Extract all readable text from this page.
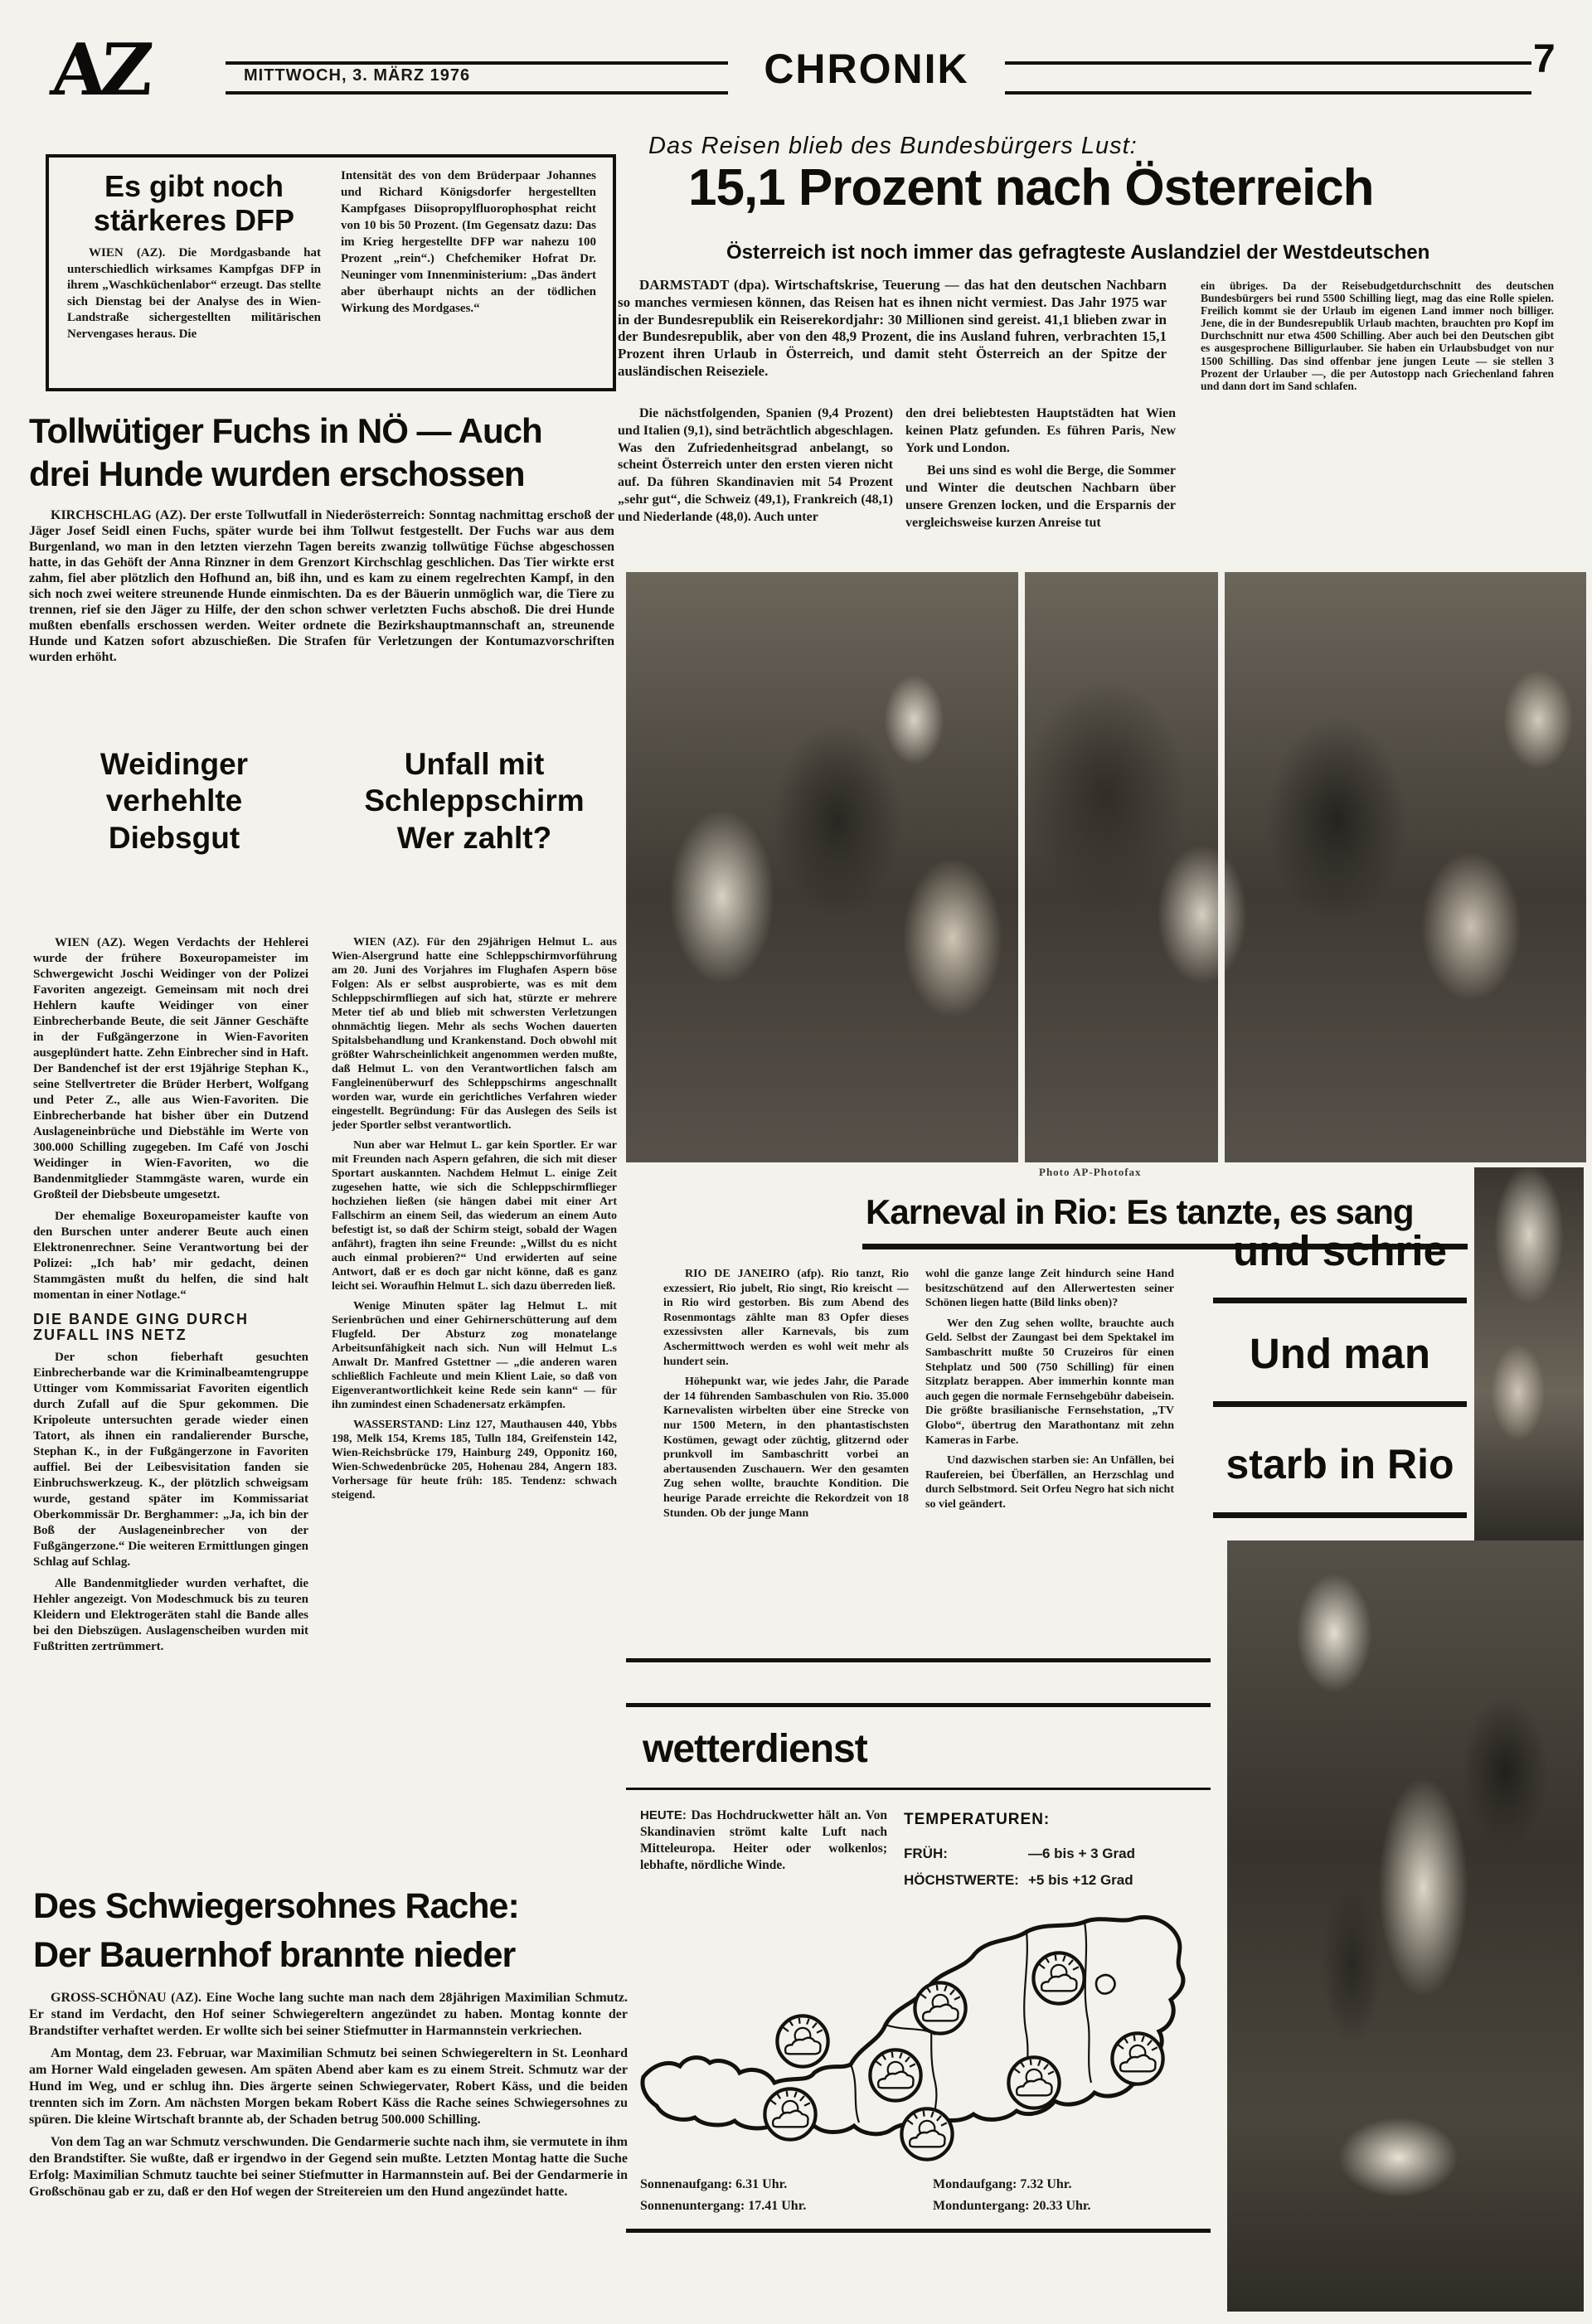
AZ	MITTWOCH, 3. MÄRZ 1976	CHRONIK	7
Es gibt noch stärkeres DFP

WIEN (AZ). Die Mordgasbande hat unterschiedlich wirksames Kampfgas DFP in ihrem „Waschküchenlabor“ erzeugt. Das stellte sich Dienstag bei der Analyse des in Wien-Landstraße sichergestellten militärischen Nervengases heraus. Die

Intensität des von dem Brüderpaar Johannes und Richard Königsdorfer hergestellten Kampfgases Diisopropylfluorophosphat reicht von 10 bis 50 Prozent. (Im Gegensatz dazu: Das im Krieg hergestellte DFP war nahezu 100 Prozent „rein“.) Chefchemiker Hofrat Dr. Neuninger vom Innenministerium: „Das ändert aber überhaupt nichts an der tödlichen Wirkung des Mordgases.“

Das Reisen blieb des Bundesbürgers Lust:
15,1 Prozent nach Österreich
Österreich ist noch immer das gefragteste Auslandziel der Westdeutschen

DARMSTADT (dpa). Wirtschaftskrise, Teuerung — das hat den deutschen Nachbarn so manches vermiesen können, das Reisen hat es ihnen nicht vermiest. Das Jahr 1975 war in der Bundesrepublik ein Reiserekordjahr: 30 Millionen sind gereist. 41,1 blieben zwar in der Bundesrepublik, aber von den 48,9 Prozent, die ins Ausland fuhren, verbrachten 15,1 Prozent ihren Urlaub in Österreich, und damit steht Österreich an der Spitze der ausländischen Reiseziele.

Die nächstfolgenden, Spanien (9,4 Prozent) und Italien (9,1), sind beträchtlich abgeschlagen. Was den Zufriedenheitsgrad anbelangt, so scheint Österreich unter den ersten vieren nicht auf. Da führen Skandinavien mit 54 Prozent „sehr gut“, die Schweiz (49,1), Frankreich (48,1) und Niederlande (48,0). Auch unter

den drei beliebtesten Hauptstädten hat Wien keinen Platz gefunden. Es führen Paris, New York und London.

Bei uns sind es wohl die Berge, die Sommer und Winter die deutschen Nachbarn über unsere Grenzen locken, und die Ersparnis der vergleichsweise kurzen Anreise tut

ein übriges. Da der Reisebudgetdurchschnitt des deutschen Bundesbürgers bei rund 5500 Schilling liegt, mag das eine Rolle spielen. Freilich kommt sie der Urlaub im eigenen Land immer noch billiger. Jene, die in der Bundesrepublik Urlaub machten, brauchten pro Kopf im Durchschnitt nur etwa 4500 Schilling. Aber auch bei den Deutschen gibt es ausgesprochene Billigurlauber. Sie haben ein Urlaubsbudget von nur 1500 Schilling. Das sind offenbar jene jungen Leute — sie stellen 3 Prozent der Urlauber —, die per Autostopp nach Griechenland fahren und dann dort im Sand schlafen.

Tollwütiger Fuchs in NÖ — Auch
drei Hunde wurden erschossen

KIRCHSCHLAG (AZ). Der erste Tollwutfall in Niederösterreich: Sonntag nachmittag erschoß der Jäger Josef Seidl einen Fuchs, später wurde bei ihm Tollwut festgestellt. Der Fuchs war aus dem Burgenland, wo man in den letzten vierzehn Tagen bereits zwanzig tollwütige Füchse abgeschossen hatte, in das Gehöft der Anna Rinzner in dem Grenzort Kirchschlag geschlichen. Das Tier wirkte erst zahm, fiel aber plötzlich den Hofhund an, biß ihn, und es kam zu einem regelrechten Kampf, in den sich noch zwei weitere streunende Hunde einmischten. Da es der Bäuerin unmöglich war, die Tiere zu trennen, rief sie den Jäger zu Hilfe, der den schon schwer verletzten Fuchs abschoß. Die drei Hunde mußten ebenfalls erschossen werden. Weiter ordnete die Bezirkshauptmannschaft an, streunende Hunde und Katzen sofort abzuschießen. Die Strafen für Verletzungen der Kontumazvorschriften wurden erhöht.

Weidinger verhehlte Diebsgut

WIEN (AZ). Wegen Verdachts der Hehlerei wurde der frühere Boxeuropameister im Schwergewicht Joschi Weidinger von der Polizei Favoriten angezeigt. Gemeinsam mit noch drei Hehlern kaufte Weidinger von einer Einbrecherbande Beute, die seit Jänner Geschäfte in der Fußgängerzone in Wien-Favoriten ausgeplündert hatte. Zehn Einbrecher sind in Haft. Der Bandenchef ist der erst 19jährige Stephan K., seine Stellvertreter die Brüder Herbert, Wolfgang und Peter Z., alle aus Wien-Favoriten. Die Einbrecherbande hat bisher über ein Dutzend Auslageneinbrüche und Diebstähle im Werte von 300.000 Schilling zugegeben. Im Café von Joschi Weidinger in Wien-Favoriten, wo die Bandenmitglieder Stammgäste waren, wurde ein Großteil der Diebsbeute umgesetzt.

Der ehemalige Boxeuropameister kaufte von den Burschen unter anderer Beute auch einen Elektronenrechner. Seine Verantwortung bei der Polizei: „Ich hab’ mir gedacht, deinen Stammgästen mußt du helfen, die sind halt momentan in einer Notlage.“

DIE BANDE GING DURCH ZUFALL INS NETZ

Der schon fieberhaft gesuchten Einbrecherbande war die Kriminalbeamtengruppe Uttinger vom Kommissariat Favoriten eigentlich durch Zufall auf die Spur gekommen. Die Kripoleute untersuchten gerade wieder einen Tatort, als ihnen ein randalierender Bursche, Stephan K., in der Fußgängerzone in Favoriten auffiel. Bei der Leibesvisitation fanden sie Einbruchswerkzeug. K., der plötzlich schweigsam wurde, gestand später im Kommissariat Oberkommissär Dr. Berghammer: „Ja, ich bin der Boß der Auslageneinbrecher von der Fußgängerzone.“ Die weiteren Ermittlungen gingen Schlag auf Schlag.

Alle Bandenmitglieder wurden verhaftet, die Hehler angezeigt. Von Modeschmuck bis zu teuren Kleidern und Elektrogeräten stahl die Bande alles bei den Diebszügen. Auslagenscheiben wurden mit Fußtritten zertrümmert.

Unfall mit Schleppschirm Wer zahlt?

WIEN (AZ). Für den 29jährigen Helmut L. aus Wien-Alsergrund hatte eine Schleppschirmvorführung am 20. Juni des Vorjahres im Flughafen Aspern böse Folgen: Als er selbst ausprobierte, was es mit dem Schleppschirmfliegen auf sich hat, stürzte er mehrere Meter tief ab und blieb mit schwersten Verletzungen ohnmächtig liegen. Mehr als sechs Wochen dauerten Spitalsbehandlung und Krankenstand. Doch obwohl mit größter Wahrscheinlichkeit angenommen werden mußte, daß Helmut L. von den Verantwortlichen falsch am Fangleinenüberwurf des Schleppschirms angeschnallt worden war, wurde ein gerichtliches Verfahren wieder eingestellt. Begründung: Für das Auslegen des Seils ist jeder Sportler selbst verantwortlich.

Nun aber war Helmut L. gar kein Sportler. Er war mit Freunden nach Aspern gefahren, die sich mit dieser Sportart auskannten. Nachdem Helmut L. einige Zeit zugesehen hatte, wie sich die Schleppschirmflieger hochziehen ließen (sie hängen dabei mit einer Art Fallschirm an einem Seil, das wiederum an einem Auto befestigt ist, so daß der Schirm steigt, sobald der Wagen anfährt), fragten ihn seine Freunde: „Willst du es nicht auch einmal probieren?“ Und erwiderten auf seine Antwort, daß er es doch gar nicht könne, daß es ganz leicht sei. Woraufhin Helmut L. sich dazu überreden ließ.

Wenige Minuten später lag Helmut L. mit Serienbrüchen und einer Gehirnerschütterung auf dem Flugfeld. Der Absturz zog monatelange Arbeitsunfähigkeit nach sich. Nun will Helmut L.s Anwalt Dr. Manfred Gstettner — „die anderen waren schließlich Fachleute und mein Klient Laie, so daß von Eigenverantwortlichkeit keine Rede sein kann“ — für ihn zumindest einen Schadenersatz erkämpfen.

WASSERSTAND: Linz 127, Mauthausen 440, Ybbs 198, Melk 154, Krems 185, Tulln 184, Greifenstein 142, Wien-Reichsbrücke 179, Hainburg 249, Opponitz 160, Wien-Schwedenbrücke 205, Hohenau 284, Angern 183. Vorhersage für heute früh: 185. Tendenz: schwach steigend.

Photo AP-Photofax
Karneval in Rio: Es tanzte, es sang
und schrie
Und man
starb in Rio

RIO DE JANEIRO (afp). Rio tanzt, Rio exzessiert, Rio jubelt, Rio singt, Rio kreischt — in Rio wird gestorben. Bis zum Abend des Rosenmontags zählte man 83 Opfer dieses exzessivsten aller Karnevals, bis zum Aschermittwoch werden es wohl weit mehr als hundert sein.

Höhepunkt war, wie jedes Jahr, die Parade der 14 führenden Sambaschulen von Rio. 35.000 Karnevalisten wirbelten über eine Strecke von nur 1500 Metern, in den phantastischsten Kostümen, gewagt oder züchtig, glitzernd oder prunkvoll im Sambaschritt vorbei an abertausenden Zuschauern. Wer den gesamten Zug sehen wollte, brauchte Kondition. Die heurige Parade erreichte die Rekordzeit von 18 Stunden. Ob der junge Mann

wohl die ganze lange Zeit hindurch seine Hand besitzschützend auf den Allerwertesten seiner Schönen liegen hatte (Bild links oben)?

Wer den Zug sehen wollte, brauchte auch Geld. Selbst der Zaungast bei dem Spektakel im Sambaschritt mußte 50 Cruzeiros für einen Stehplatz und 500 (750 Schilling) für einen Sitzplatz berappen. Aber immerhin konnte man auch gegen die normale Fernsehgebühr dabeisein. Die größte brasilianische Fernsehstation, „TV Globo“, übertrug den Marathontanz mit zehn Kameras in Farbe.

Und dazwischen starben sie: An Unfällen, bei Raufereien, bei Überfällen, an Herzschlag und durch Selbstmord. Seit Orfeu Negro hat sich nicht so viel geändert.

wetterdienst

HEUTE: Das Hochdruckwetter hält an. Von Skandinavien strömt kalte Luft nach Mitteleuropa. Heiter oder wolkenlos; lebhafte, nördliche Winde.

TEMPERATUREN:
FRÜH:	—6 bis + 3 Grad
HÖCHSTWERTE: +5 bis +12 Grad
Sonnenaufgang: 6.31 Uhr.
Sonnenuntergang: 17.41 Uhr.
Mondaufgang: 7.32 Uhr.
Monduntergang: 20.33 Uhr.
Des Schwiegersohnes Rache:
Der Bauernhof brannte nieder

GROSS-SCHÖNAU (AZ). Eine Woche lang suchte man nach dem 28jährigen Maximilian Schmutz. Er stand im Verdacht, den Hof seiner Schwiegereltern angezündet zu haben. Montag konnte der Brandstifter verhaftet werden. Er wollte sich bei seiner Stiefmutter in Harmannstein verkriechen.

Am Montag, dem 23. Februar, war Maximilian Schmutz bei seinen Schwiegereltern in St. Leonhard am Horner Wald eingeladen gewesen. Am späten Abend aber kam es zu einem Streit. Schmutz war der Hund im Weg, und er schlug ihn. Dies ärgerte seinen Schwiegervater, Robert Käss, und die beiden trennten sich im Zorn. Am nächsten Morgen bekam Robert Käss die Rache seines Schwiegersohnes zu spüren. Die kleine Wirtschaft brannte ab, der Schaden betrug 500.000 Schilling.

Von dem Tag an war Schmutz verschwunden. Die Gendarmerie suchte nach ihm, sie vermutete in ihm den Brandstifter. Sie wußte, daß er irgendwo in der Gegend sein mußte. Letzten Montag hatte die Suche Erfolg: Maximilian Schmutz tauchte bei seiner Stiefmutter in Harmannstein auf. Bei der Gendarmerie in Großschönau gab er zu, daß er den Hof wegen der Streitereien um den Hund angezündet hatte.
